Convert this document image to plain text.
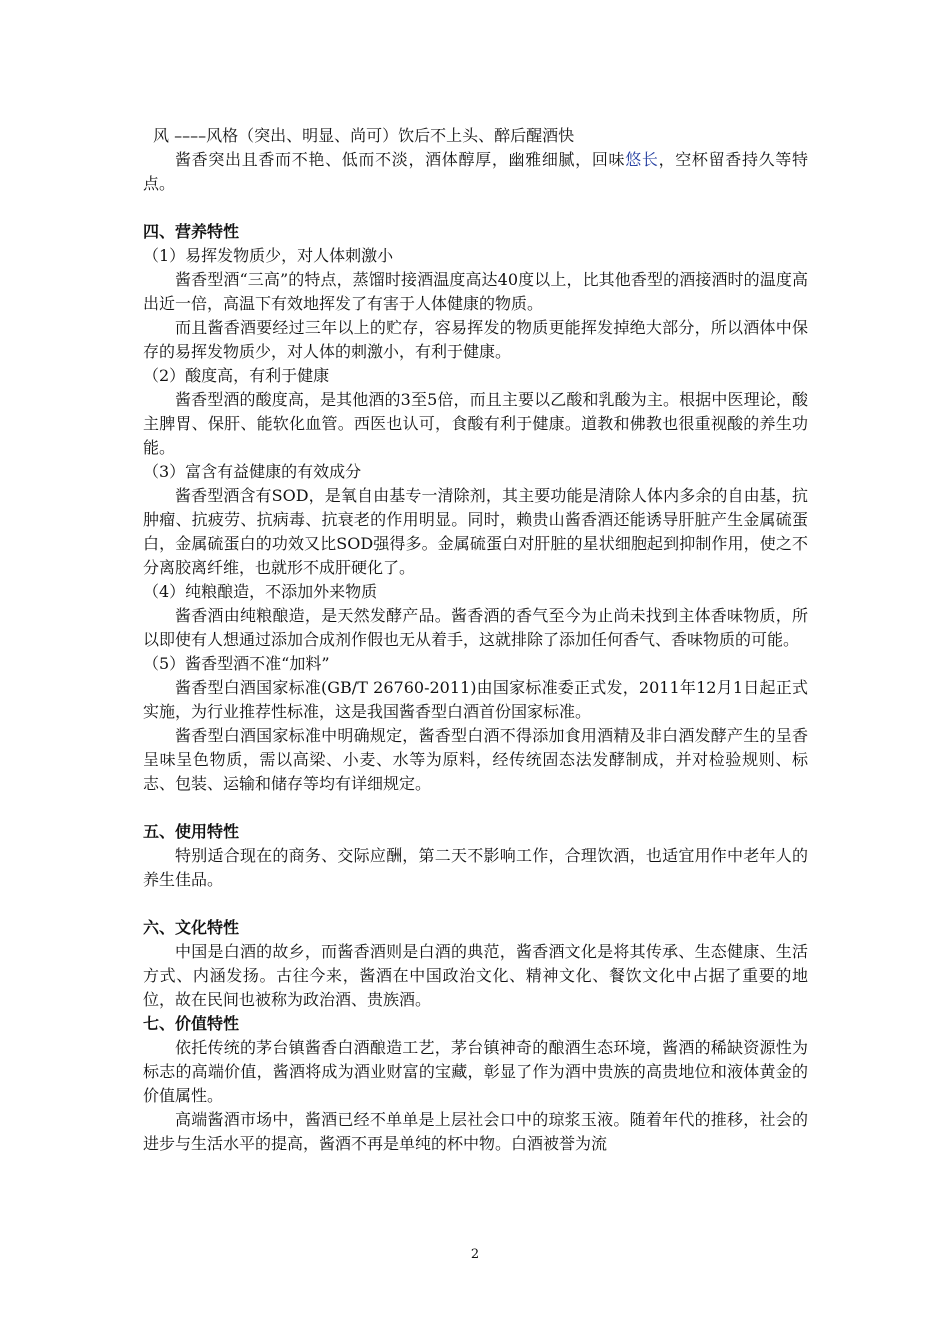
风 ––––风格（突出、明显、尚可）饮后不上头、醉后醒酒快

酱香突出且香而不艳、低而不淡，酒体醇厚，幽雅细腻，回味悠长，空杯留香持久等特点。

四、营养特性

（1）易挥发物质少，对人体刺激小

酱香型酒“三高”的特点，蒸馏时接酒温度高达40度以上，比其他香型的酒接酒时的温度高出近一倍，高温下有效地挥发了有害于人体健康的物质。

而且酱香酒要经过三年以上的贮存，容易挥发的物质更能挥发掉绝大部分，所以酒体中保存的易挥发物质少，对人体的刺激小，有利于健康。

（2）酸度高，有利于健康

酱香型酒的酸度高，是其他酒的3至5倍，而且主要以乙酸和乳酸为主。根据中医理论，酸主脾胃、保肝、能软化血管。西医也认可，食酸有利于健康。道教和佛教也很重视酸的养生功能。

（3）富含有益健康的有效成分

酱香型酒含有SOD，是氧自由基专一清除剂，其主要功能是清除人体内多余的自由基，抗肿瘤、抗疲劳、抗病毒、抗衰老的作用明显。同时，赖贵山酱香酒还能诱导肝脏产生金属硫蛋白，金属硫蛋白的功效又比SOD强得多。金属硫蛋白对肝脏的星状细胞起到抑制作用，使之不分离胶离纤维，也就形不成肝硬化了。

（4）纯粮酿造，不添加外来物质

酱香酒由纯粮酿造，是天然发酵产品。酱香酒的香气至今为止尚未找到主体香味物质，所以即使有人想通过添加合成剂作假也无从着手，这就排除了添加任何香气、香味物质的可能。

（5）酱香型酒不准“加料”

酱香型白酒国家标准(GB/T 26760-2011)由国家标准委正式发，2011年12月1日起正式实施，为行业推荐性标准，这是我国酱香型白酒首份国家标准。

酱香型白酒国家标准中明确规定，酱香型白酒不得添加食用酒精及非白酒发酵产生的呈香呈味呈色物质，需以高梁、小麦、水等为原料，经传统固态法发酵制成，并对检验规则、标志、包装、运输和储存等均有详细规定。

五、使用特性

特别适合现在的商务、交际应酬，第二天不影响工作，合理饮酒，也适宜用作中老年人的养生佳品。

六、文化特性

中国是白酒的故乡，而酱香酒则是白酒的典范，酱香酒文化是将其传承、生态健康、生活方式、内涵发扬。古往今来，酱酒在中国政治文化、精神文化、餐饮文化中占据了重要的地位，故在民间也被称为政治酒、贵族酒。

七、价值特性

依托传统的茅台镇酱香白酒酿造工艺，茅台镇神奇的酿酒生态环境，酱酒的稀缺资源性为标志的高端价值，酱酒将成为酒业财富的宝藏，彰显了作为酒中贵族的高贵地位和液体黄金的价值属性。

高端酱酒市场中，酱酒已经不单单是上层社会口中的琼浆玉液。随着年代的推移，社会的进步与生活水平的提高，酱酒不再是单纯的杯中物。白酒被誉为流

2
